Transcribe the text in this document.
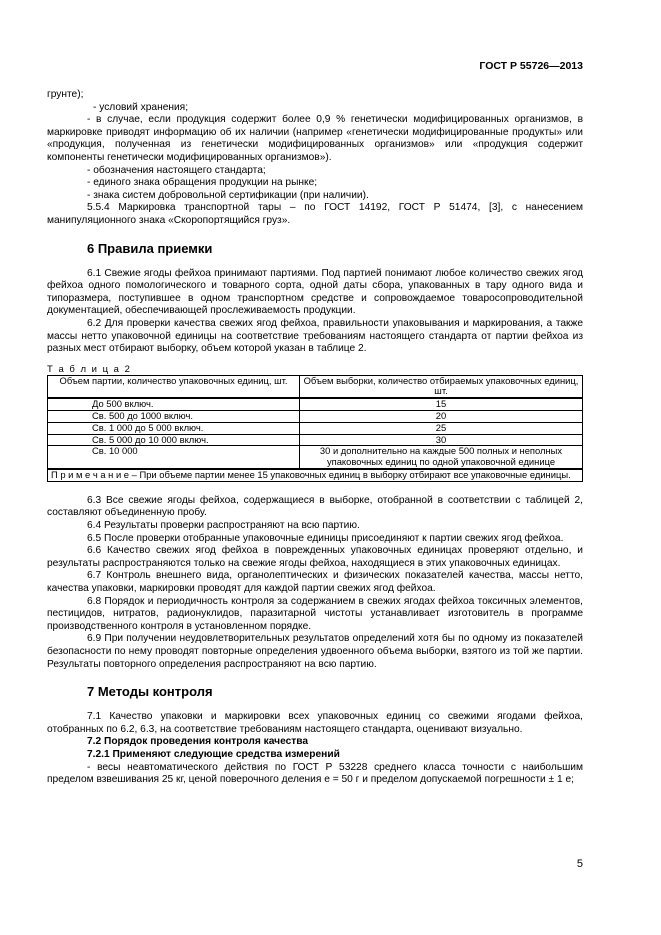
ГОСТ Р 55726—2013

грунте);

- условий хранения;

- в случае, если продукция содержит более 0,9 % генетически модифицированных организмов, в маркировке приводят информацию об их наличии (например «генетически модифицированные продукты» или «продукция, полученная из генетически модифицированных организмов» или «продукция содержит компоненты генетически модифицированных организмов»).

- обозначения настоящего стандарта;

- единого знака обращения продукции на рынке;

- знака систем добровольной сертификации (при наличии).

5.5.4 Маркировка транспортной тары – по ГОСТ 14192, ГОСТ Р 51474, [3], с нанесением манипуляционного знака «Скоропортящийся груз».

6 Правила приемки

6.1 Свежие ягоды фейхоа принимают партиями. Под партией понимают любое количество свежих ягод фейхоа одного помологического и товарного сорта, одной даты сбора, упакованных в тару одного вида и типоразмера, поступившее в одном транспортном средстве и сопровождаемое товаросопроводительной документацией, обеспечивающей прослеживаемость продукции.

6.2 Для проверки качества свежих ягод фейхоа, правильности упаковывания и маркирования, а также массы нетто упаковочной единицы на соответствие требованиям настоящего стандарта от партии фейхоа из разных мест отбирают выборку, объем которой указан в таблице 2.

Т а б л и ц а 2

Объем партии, количество упаковочных единиц, шт.	Объем выборки, количество отбираемых упаковочных единиц, шт.
До 500 включ.	15
Св. 500 до 1000 включ.	20
Св. 1 000 до 5 000 включ.	25
Св. 5 000 до 10 000 включ.	30
Св. 10 000	30 и дополнительно на каждые 500 полных и неполных упаковочных единиц по одной упаковочной единице
П р и м е ч а н и е – При объеме партии менее 15 упаковочных единиц в выборку отбирают все упаковочные единицы.	

6.3 Все свежие ягоды фейхоа, содержащиеся в выборке, отобранной в соответствии с таблицей 2, составляют объединенную пробу.

6.4 Результаты проверки распространяют на всю партию.

6.5 После проверки отобранные упаковочные единицы присоединяют к партии свежих ягод фейхоа.

6.6 Качество свежих ягод фейхоа в поврежденных упаковочных единицах проверяют отдельно, и результаты распространяются только на свежие ягоды фейхоа, находящиеся в этих упаковочных единицах.

6.7 Контроль внешнего вида, органолептических и физических показателей качества, массы нетто, качества упаковки, маркировки проводят для каждой партии свежих ягод фейхоа.

6.8 Порядок и периодичность контроля за содержанием в свежих ягодах фейхоа токсичных элементов, пестицидов, нитратов, радионуклидов, паразитарной чистоты устанавливает изготовитель в программе производственного контроля в установленном порядке.

6.9 При получении неудовлетворительных результатов определений хотя бы по одному из показателей безопасности по нему проводят повторные определения удвоенного объема выборки, взятого из той же партии. Результаты повторного определения распространяют на всю партию.

7 Методы контроля

7.1 Качество упаковки и маркировки всех упаковочных единиц со свежими ягодами фейхоа, отобранных по 6.2, 6.3, на соответствие требованиям настоящего стандарта, оценивают визуально.

7.2 Порядок проведения контроля качества

7.2.1 Применяют следующие средства измерений

- весы неавтоматического действия по ГОСТ Р 53228 среднего класса точности с наибольшим пределом взвешивания 25 кг, ценой поверочного деления е = 50 г и пределом допускаемой погрешности ± 1 е;

5
